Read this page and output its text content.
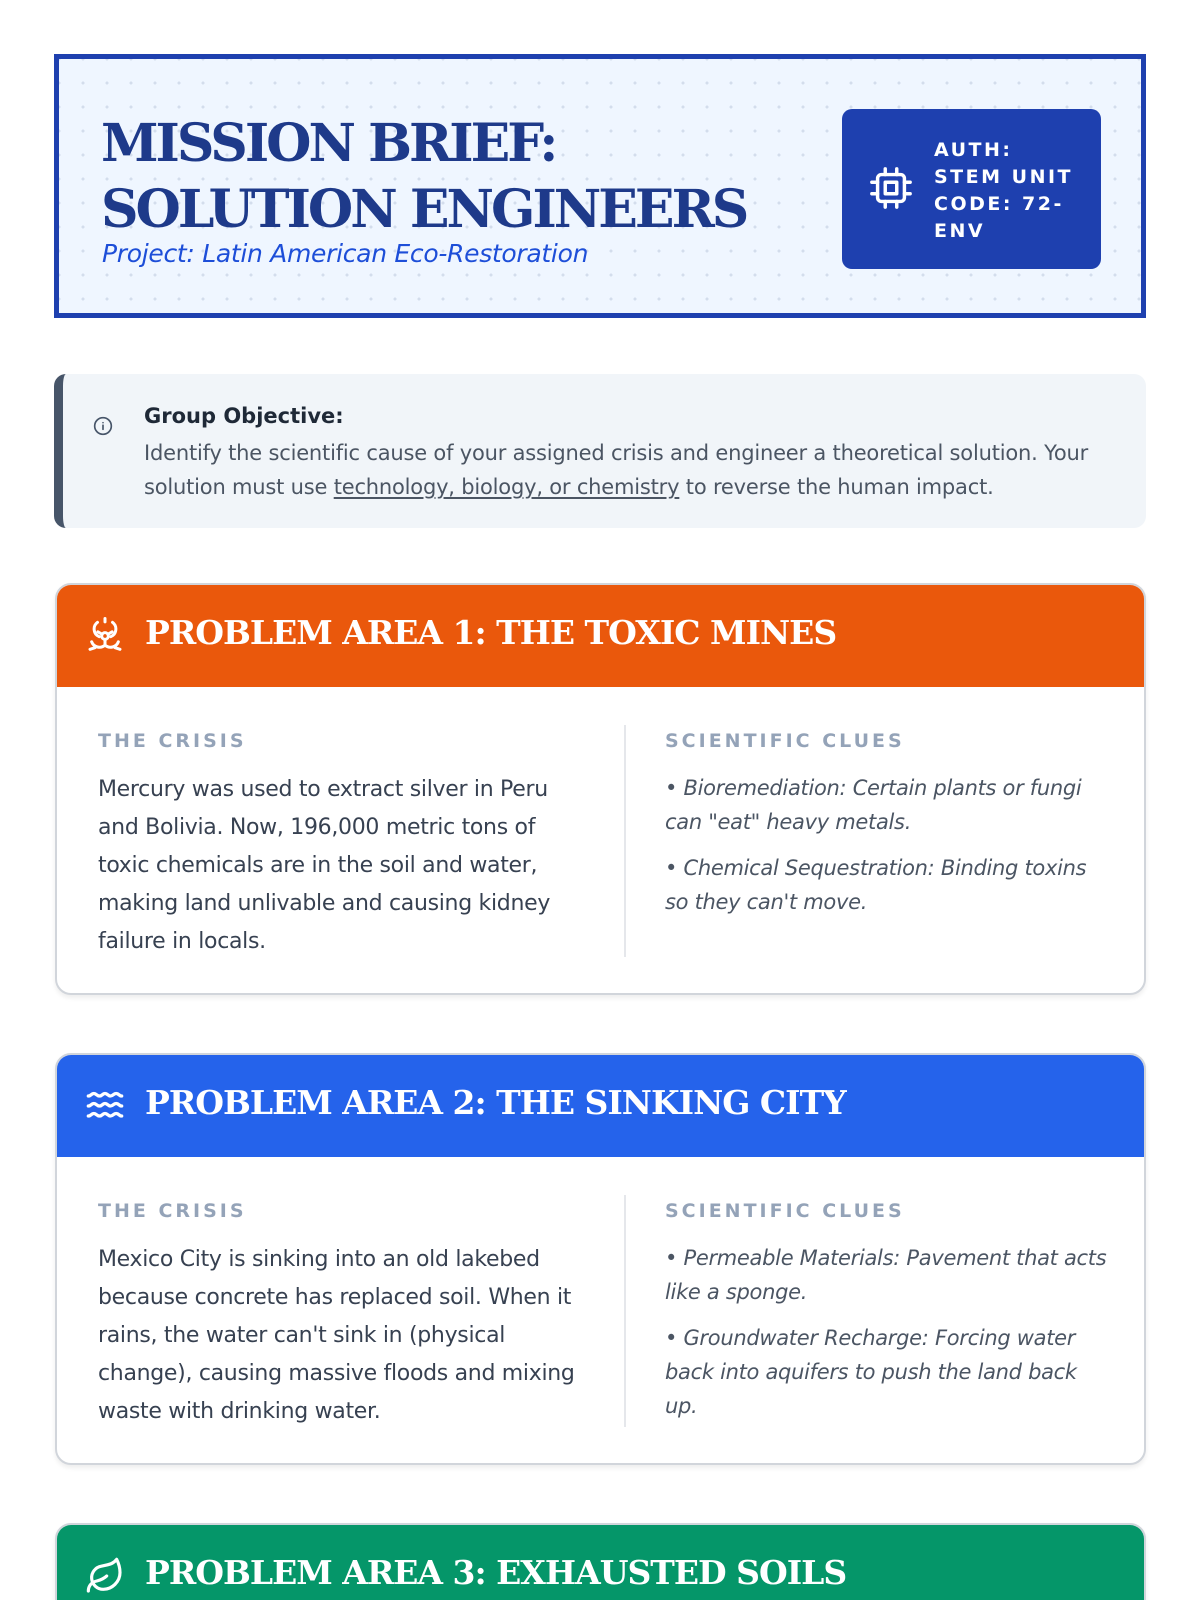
MISSION BRIEF: SOLUTION ENGINEERS
Project: Latin American Eco-Restoration
AUTH: STEM UNIT CODE: 72-ENV
Group Objective:
Identify the scientific cause of your assigned crisis and engineer a theoretical solution. Your solution must use technology, biology, or chemistry to reverse the human impact.
PROBLEM AREA 1: THE TOXIC MINES
THE CRISIS
Mercury was used to extract silver in Peru and Bolivia. Now, 196,000 metric tons of toxic chemicals are in the soil and water, making land unlivable and causing kidney failure in locals.
SCIENTIFIC CLUES
• Bioremediation: Certain plants or fungi can "eat" heavy metals.
• Chemical Sequestration: Binding toxins so they can't move.
PROBLEM AREA 2: THE SINKING CITY
THE CRISIS
Mexico City is sinking into an old lakebed because concrete has replaced soil. When it rains, the water can't sink in (physical change), causing massive floods and mixing waste with drinking water.
SCIENTIFIC CLUES
• Permeable Materials: Pavement that acts like a sponge.
• Groundwater Recharge: Forcing water back into aquifers to push the land back up.
PROBLEM AREA 3: EXHAUSTED SOILS
